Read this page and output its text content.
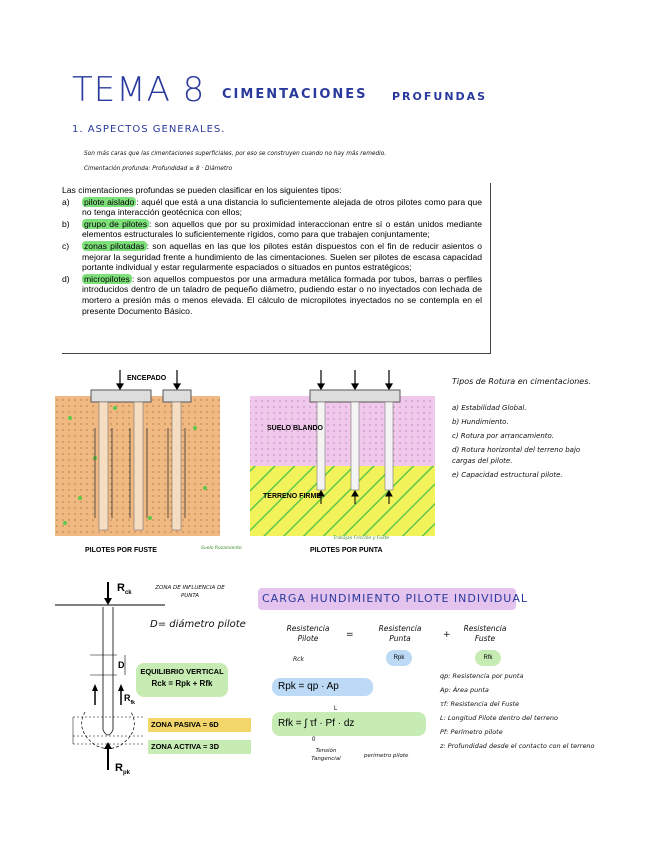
TEMA 8 CIMENTACIONES PROFUNDAS
1. ASPECTOS GENERALES.
Son más caras que las cimentaciones superficiales, por eso se construyen cuando no hay más remedio.
Cimentación profunda: Profundidad ≥ 8 · Diámetro
Las cimentaciones profundas se pueden clasificar en los siguientes tipos:
a)	pilote aislado : aquél que está a una distancia lo suficientemente alejada de otros pilotes como para que no tenga interacción geotécnica con ellos;
b)	grupo de pilotes : son aquellos que por su proximidad interaccionan entre sí o están unidos mediante elementos estructurales lo suficientemente rígidos, como para que trabajen conjuntamente;
c)	zonas pilotadas : son aquellas en las que los pilotes están dispuestos con el fin de reducir asientos o mejorar la seguridad frente a hundimiento de las cimentaciones. Suelen ser pilotes de escasa capacidad portante individual y estar regularmente espaciados o situados en puntos estratégicos;
d)	micropilotes : son aquellos compuestos por una armadura metálica formada por tubos, barras o perfiles introducidos dentro de un taladro de pequeño diámetro, pudiendo estar o no inyectados con lechada de mortero a presión más o menos elevada. El cálculo de micropilotes inyectados no se contempla en el presente Documento Básico.
ENCEPADO
SUELO BLANDO
TERRENO FIRME
PILOTES POR FUSTE	PILOTES POR PUNTA
Trabajan Fricción y Fuste
Suelo Rozamiento
Tipos de Rotura en cimentaciones.
a) Estabilidad Global.
b) Hundimiento.
c) Rotura por arrancamiento.
d) Rotura horizontal del terreno bajo cargas del pilote.
e) Capacidad estructural pilote.
$R_{ck}$
ZONA DE INFLUENCIA DE PUNTA
D= diámetro pilote
D
EQUILIBRIO VERTICAL
Rck = Rpk + Rfk
$R_{fk}$
ZONA PASIVA = 6D
ZONA ACTIVA = 3D
$R_{pk}$
CARGA HUNDIMIENTO PILOTE INDIVIDUAL
Resistencia Pilote
Rck
=
Resistencia Punta
Rpk
+
Resistencia Fuste
Rfk
Rpk = qp · Ap
Rfk = ∫ τf · Pf · dz
L
0
Tensión Tangencial	perímetro pilote
qp: Resistencia por punta
Ap: Área punta
τf: Resistencia del Fuste
L: Longitud Pilote dentro del terreno
Pf: Perímetro pilote
z: Profundidad desde el contacto con el terreno
